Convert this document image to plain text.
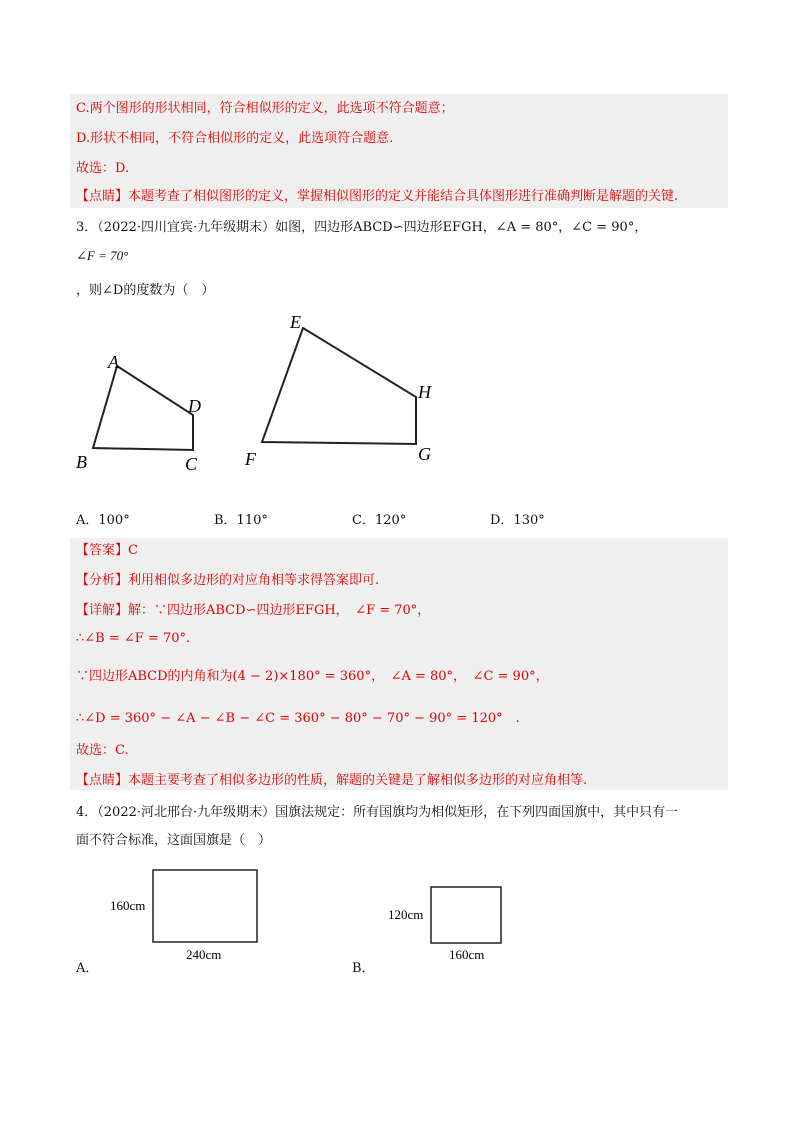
C.两个图形的形状相同，符合相似形的定义，此选项不符合题意；
D.形状不相同，不符合相似形的定义，此选项符合题意.
故选：D.
【点睛】本题考查了相似图形的定义，掌握相似图形的定义并能结合具体图形进行准确判断是解题的关键.
3．（2022·四川宜宾·九年级期末）如图，四边形ABCD∽四边形EFGH，∠A = 80°，∠C = 90°，
∠F = 70°
，则∠D的度数为（　）
A
B	C
D
E
F	G
H
A．100°	B．110°	C．120°	D．130°
【答案】C
【分析】利用相似多边形的对应角相等求得答案即可.
【详解】解：∵四边形ABCD∽四边形EFGH，　∠F = 70°，
∴∠B = ∠F = 70°.
∵四边形ABCD的内角和为(4 − 2)×180° = 360°，　∠A = 80°，　∠C = 90°，
∴∠D = 360° − ∠A − ∠B − ∠C = 360° − 80° − 70° − 90° = 120°　.
故选：C.
【点睛】本题主要考查了相似多边形的性质，解题的关键是了解相似多边形的对应角相等.
4．（2022·河北邢台·九年级期末）国旗法规定：所有国旗均为相似矩形，在下列四面国旗中，其中只有一
面不符合标准，这面国旗是（　）
160cm
240cm
120cm
160cm
A．	B．
